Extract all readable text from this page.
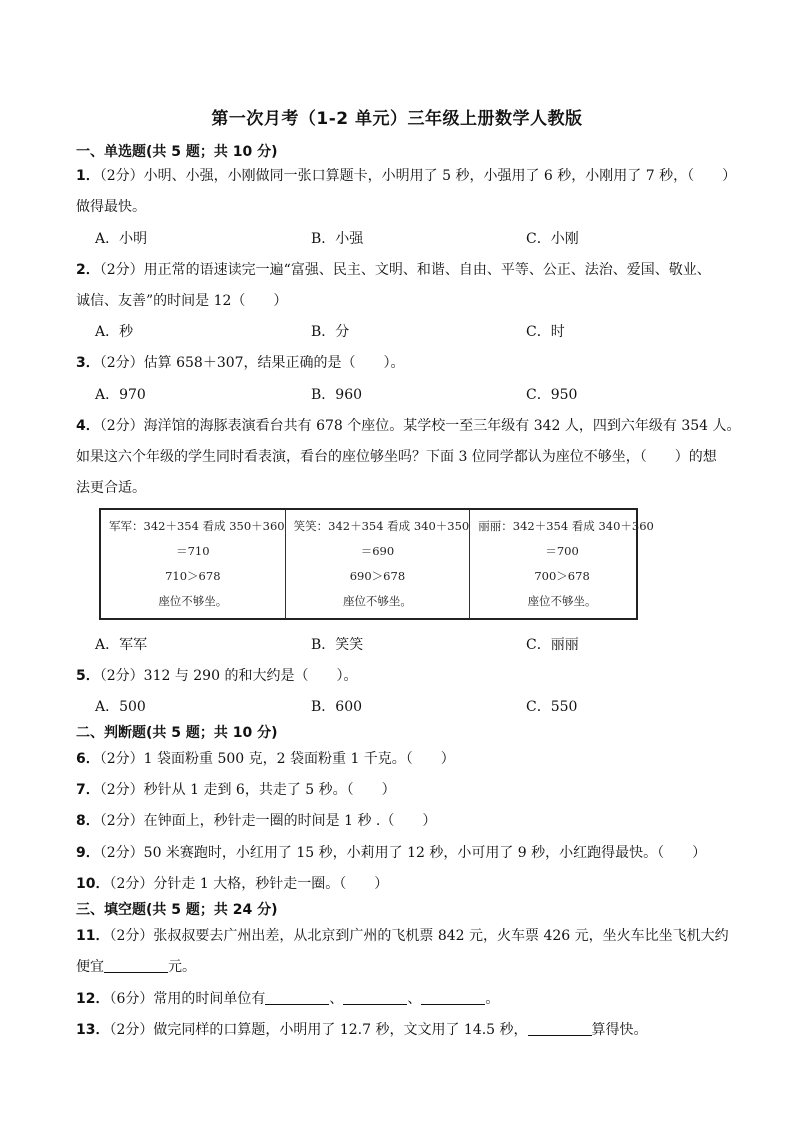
第一次月考（1-2 单元）三年级上册数学人教版
一、单选题(共 5 题；共 10 分)
1．（2分）小明、小强，小刚做同一张口算题卡，小明用了 5 秒，小强用了 6 秒，小刚用了 7 秒，（　　）
做得最快。
A．小明	B．小强	C．小刚
2．（2分）用正常的语速读完一遍“富强、民主、文明、和谐、自由、平等、公正、法治、爱国、敬业、
诚信、友善”的时间是 12（　　）
A．秒	B．分	C．时
3．（2分）估算 658＋307，结果正确的是（　　）。
A．970	B．960	C．950
4．（2分）海洋馆的海豚表演看台共有 678 个座位。某学校一至三年级有 342 人，四到六年级有 354 人。
如果这六个年级的学生同时看表演，看台的座位够坐吗？下面 3 位同学都认为座位不够坐，（　　）的想
法更合适。
军军：342＋354 看成 350＋360
＝710
710＞678
座位不够坐。
笑笑：342＋354 看成 340＋350
＝690
690＞678
座位不够坐。
丽丽：342＋354 看成 340＋360
＝700
700＞678
座位不够坐。
A．军军	B．笑笑	C．丽丽
5．（2分）312 与 290 的和大约是（　　）。
A．500	B．600	C．550
二、判断题(共 5 题；共 10 分)
6．（2分）1 袋面粉重 500 克，2 袋面粉重 1 千克。（　　）
7．（2分）秒针从 1 走到 6，共走了 5 秒。（　　）
8．（2分）在钟面上，秒针走一圈的时间是 1 秒 .（　　）
9．（2分）50 米赛跑时，小红用了 15 秒，小莉用了 12 秒，小可用了 9 秒，小红跑得最快。（　　）
10．（2分）分针走 1 大格，秒针走一圈。（　　）
三、填空题(共 5 题；共 24 分)
11．（2分）张叔叔要去广州出差，从北京到广州的飞机票 842 元，火车票 426 元，坐火车比坐飞机大约
便宜	元。
12．（6分）常用的时间单位有	、	、	。
13．（2分）做完同样的口算题，小明用了 12.7 秒，文文用了 14.5 秒，	算得快。
